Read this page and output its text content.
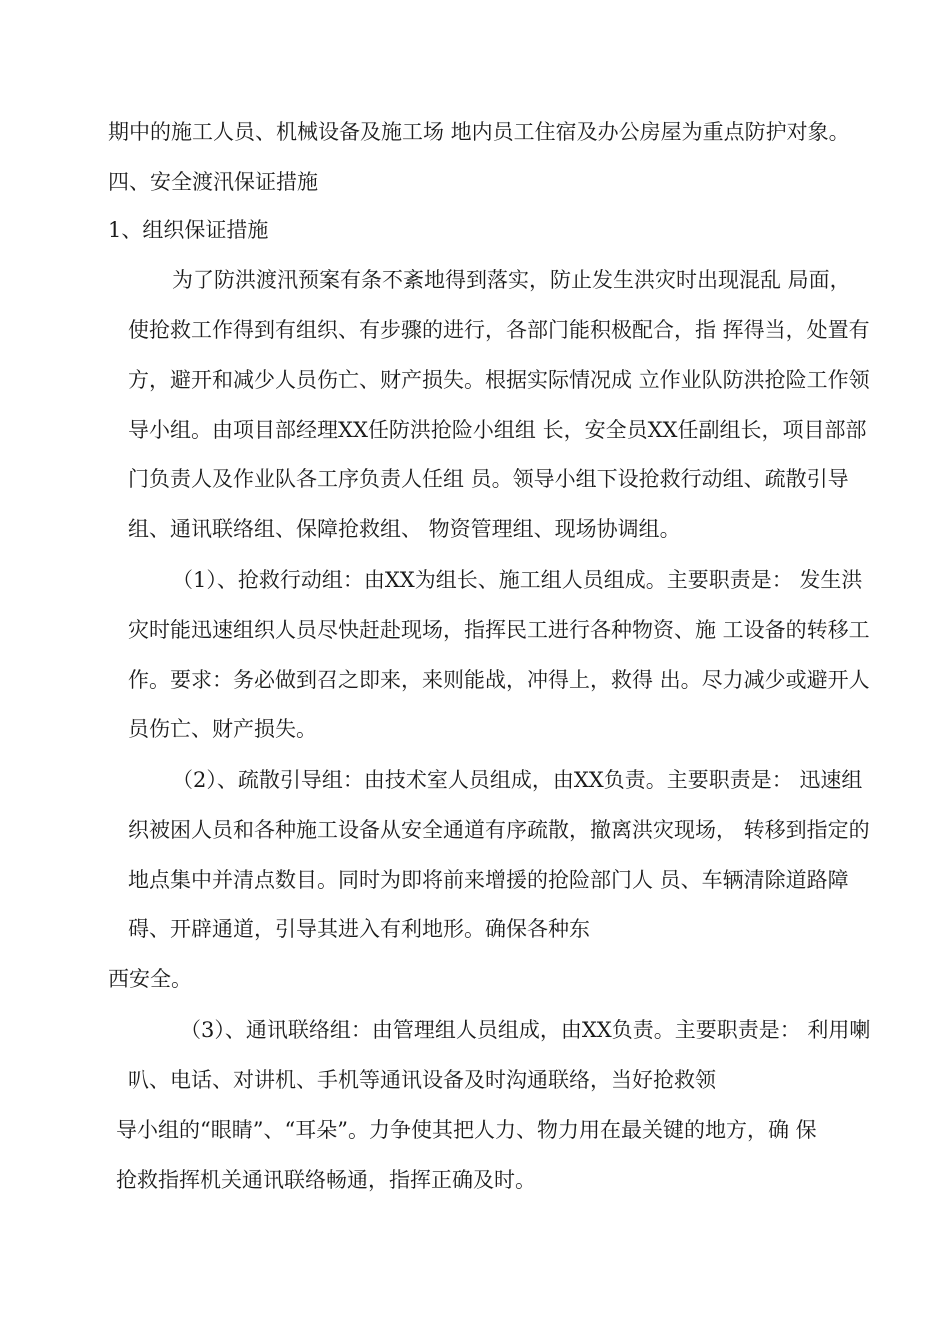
期中的施工人员、机械设备及施工场 地内员工住宿及办公房屋为重点防护对象。
四、安全渡汛保证措施
1、组织保证措施
为了防洪渡汛预案有条不紊地得到落实，防止发生洪灾时出现混乱 局面，
使抢救工作得到有组织、有步骤的进行，各部门能积极配合，指 挥得当，处置有
方，避开和减少人员伤亡、财产损失。根据实际情况成 立作业队防洪抢险工作领
导小组。由项目部经理XX任防洪抢险小组组 长，安全员XX任副组长，项目部部
门负责人及作业队各工序负责人任组 员。领导小组下设抢救行动组、疏散引导
组、通讯联络组、保障抢救组、 物资管理组、现场协调组。
（1）、抢救行动组：由XX为组长、施工组人员组成。主要职责是： 发生洪
灾时能迅速组织人员尽快赶赴现场，指挥民工进行各种物资、施 工设备的转移工
作。要求：务必做到召之即来，来则能战，冲得上，救得 出。尽力减少或避开人
员伤亡、财产损失。
（2）、疏散引导组：由技术室人员组成，由XX负责。主要职责是： 迅速组
织被困人员和各种施工设备从安全通道有序疏散，撤离洪灾现场， 转移到指定的
地点集中并清点数目。同时为即将前来增援的抢险部门人 员、车辆清除道路障
碍、开辟通道，引导其进入有利地形。确保各种东
西安全。
（3）、通讯联络组：由管理组人员组成，由XX负责。主要职责是： 利用喇
叭、电话、对讲机、手机等通讯设备及时沟通联络，当好抢救领
导小组的“眼睛”、“耳朵”。力争使其把人力、物力用在最关键的地方，确 保
抢救指挥机关通讯联络畅通，指挥正确及时。
